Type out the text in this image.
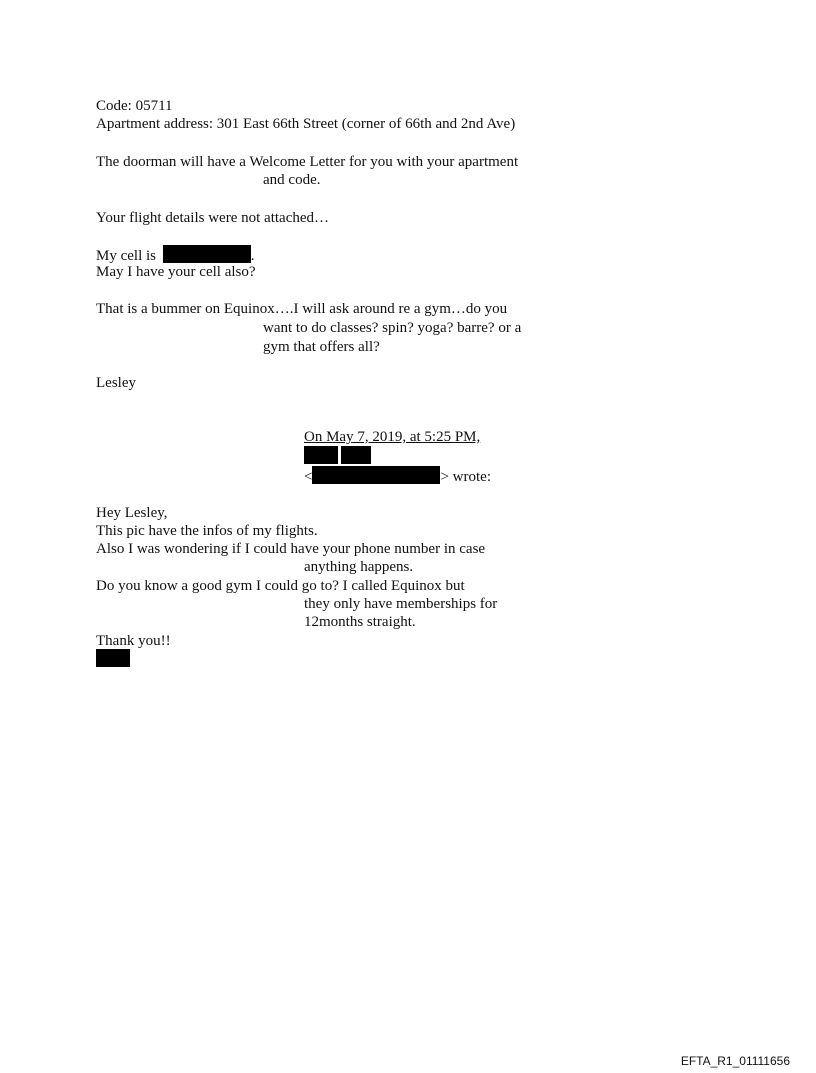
Code: 05711
Apartment address: 301 East 66th Street (corner of 66th and 2nd Ave)
The doorman will have a Welcome Letter for you with your apartment
and code.
Your flight details were not attached…
My cell is	.
May I have your cell also?
That is a bummer on Equinox….I will ask around re a gym…do you
want to do classes? spin? yoga? barre? or a
gym that offers all?
Lesley
On May 7, 2019, at 5:25 PM,
<	> wrote:
Hey Lesley,
This pic have the infos of my flights.
Also I was wondering if I could have your phone number in case
anything happens.
Do you know a good gym I could go to? I called Equinox but
they only have memberships for
12months straight.
Thank you!!
EFTA_R1_01111656
